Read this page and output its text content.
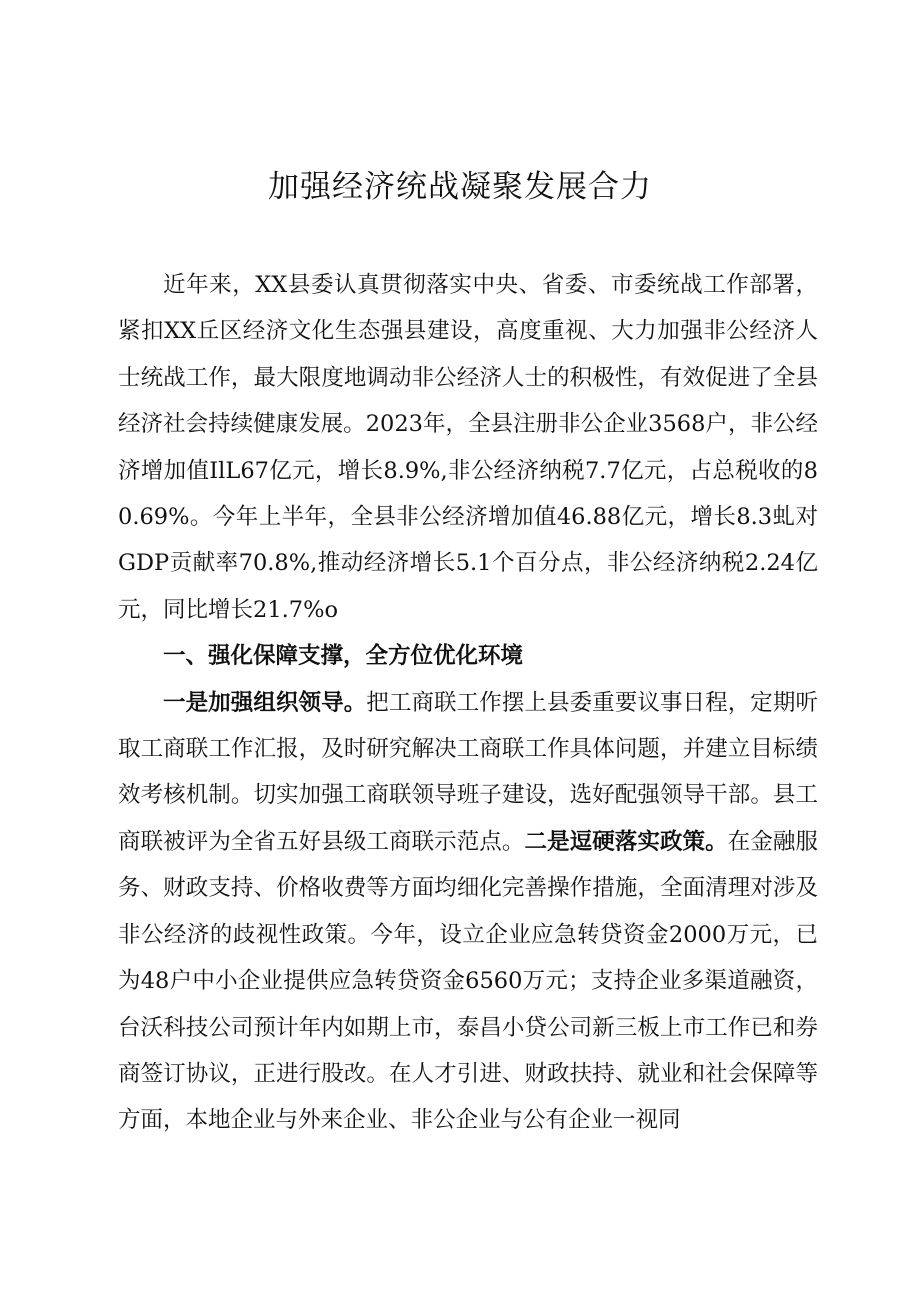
加强经济统战凝聚发展合力

近年来，XX县委认真贯彻落实中央、省委、市委统战工作部署，紧扣XX丘区经济文化生态强县建设，高度重视、大力加强非公经济人士统战工作，最大限度地调动非公经济人士的积极性，有效促进了全县经济社会持续健康发展。2023年，全县注册非公企业3568户，非公经济增加值IlL67亿元，增长8.9%,非公经济纳税7.7亿元，占总税收的80.69%。今年上半年，全县非公经济增加值46.88亿元，增长8.3虬对GDP贡献率70.8%,推动经济增长5.1个百分点，非公经济纳税2.24亿元，同比增长21.7%o

一、强化保障支撑，全方位优化环境

一是加强组织领导。把工商联工作摆上县委重要议事日程，定期听取工商联工作汇报，及时研究解决工商联工作具体问题，并建立目标绩效考核机制。切实加强工商联领导班子建设，选好配强领导干部。县工商联被评为全省五好县级工商联示范点。二是逗硬落实政策。在金融服务、财政支持、价格收费等方面均细化完善操作措施，全面清理对涉及非公经济的歧视性政策。今年，设立企业应急转贷资金2000万元，已为48户中小企业提供应急转贷资金6560万元；支持企业多渠道融资，台沃科技公司预计年内如期上市，泰昌小贷公司新三板上市工作已和券商签订协议，正进行股改。在人才引进、财政扶持、就业和社会保障等方面，本地企业与外来企业、非公企业与公有企业一视同
